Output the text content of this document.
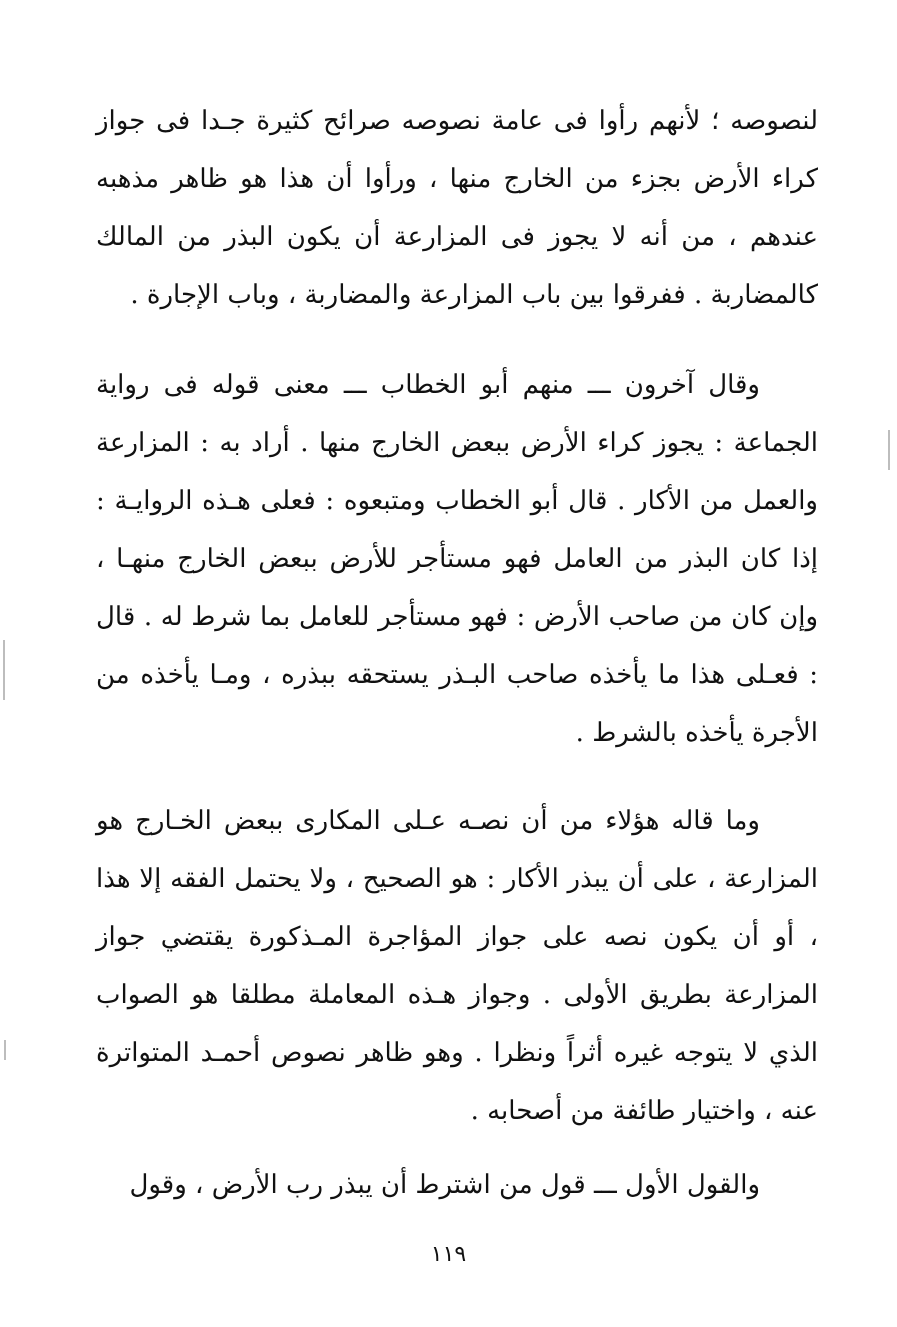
لنصوصه ؛ لأنهم رأوا فى عامة نصوصه صرائح كثيرة جـدا فى جواز كراء الأرض بجزء من الخارج منها ، ورأوا أن هذا هو ظاهر مذهبه عندهم ، من أنه لا يجوز فى المزارعة أن يكون البذر من المالك كالمضاربة . ففرقوا بين باب المزارعة والمضاربة ، وباب الإجارة .
وقال آخرون ـــ منهم أبو الخطاب ـــ معنى قوله فى رواية الجماعة : يجوز كراء الأرض ببعض الخارج منها . أراد به : المزارعة والعمل من الأكار . قال أبو الخطاب ومتبعوه : فعلى هـذه الروايـة : إذا كان البذر من العامل فهو مستأجر للأرض ببعض الخارج منهـا ، وإن كان من صاحب الأرض : فهو مستأجر للعامل بما شرط له . قال : فعـلى هذا ما يأخذه صاحب البـذر يستحقه ببذره ، ومـا يأخذه من الأجرة يأخذه بالشرط .
وما قاله هؤلاء من أن نصـه عـلى المكارى ببعض الخـارج هو المزارعة ، على أن يبذر الأكار : هو الصحيح ، ولا يحتمل الفقه إلا هذا ، أو أن يكون نصه على جواز المؤاجرة المـذكورة يقتضي جواز المزارعة بطريق الأولى . وجواز هـذه المعاملة مطلقا هو الصواب الذي لا يتوجه غيره أثراً ونظرا . وهو ظاهر نصوص أحمـد المتواترة عنه ، واختيار طائفة من أصحابه .
والقول الأول ـــ قول من اشترط أن يبذر رب الأرض ، وقول
١١٩
